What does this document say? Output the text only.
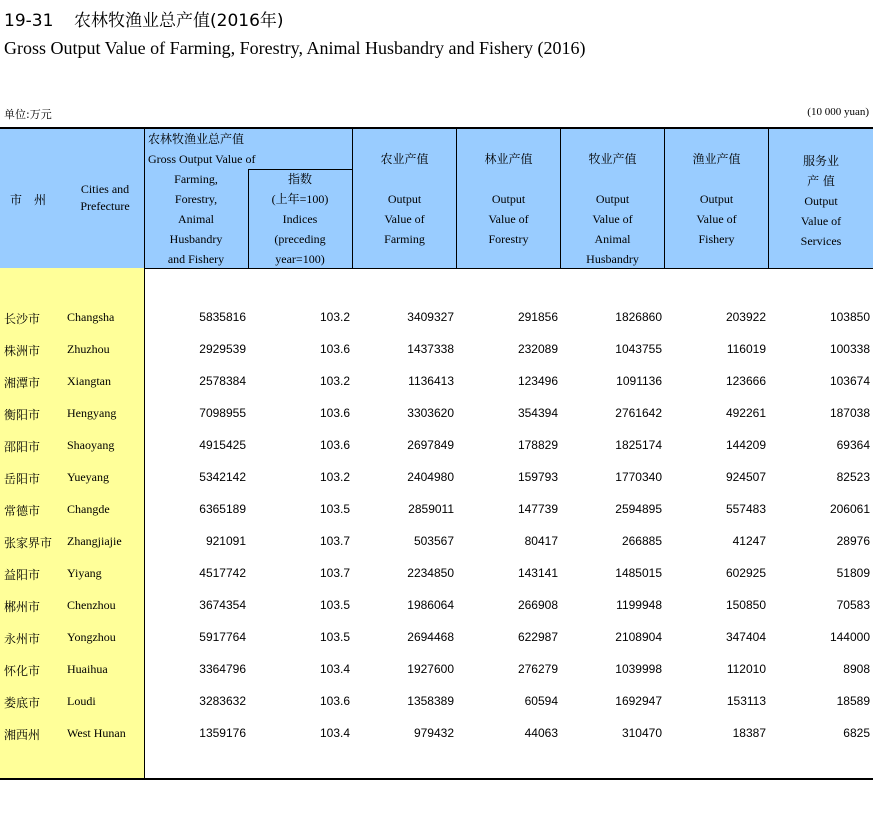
19-31 农林牧渔业总产值(2016年)
Gross Output Value of Farming, Forestry, Animal Husbandry and Fishery (2016)
单位:万元	(10 000 yuan)
市　州
Cities and
Prefecture
农林牧渔业总产值
Gross Output Value of
Farming,
Forestry,
Animal
Husbandry
and Fishery
指数
(上年=100)
Indices
(preceding
year=100)
农业产值
Output
Value of
Farming
林业产值
Output
Value of
Forestry
牧业产值
Output
Value of
Animal
Husbandry
渔业产值
Output
Value of
Fishery
服务业
产 值
Output
Value of
Services
长沙市 Changsha	5835816	103.2	3409327	291856	1826860	203922	103850
株洲市 Zhuzhou	2929539	103.6	1437338	232089	1043755	116019	100338
湘潭市 Xiangtan	2578384	103.2	1136413	123496	1091136	123666	103674
衡阳市 Hengyang	7098955	103.6	3303620	354394	2761642	492261	187038
邵阳市 Shaoyang	4915425	103.6	2697849	178829	1825174	144209	69364
岳阳市 Yueyang	5342142	103.2	2404980	159793	1770340	924507	82523
常德市 Changde	6365189	103.5	2859011	147739	2594895	557483	206061
张家界市 Zhangjiajie	921091	103.7	503567	80417	266885	41247	28976
益阳市 Yiyang	4517742	103.7	2234850	143141	1485015	602925	51809
郴州市 Chenzhou	3674354	103.5	1986064	266908	1199948	150850	70583
永州市 Yongzhou	5917764	103.5	2694468	622987	2108904	347404	144000
怀化市 Huaihua	3364796	103.4	1927600	276279	1039998	112010	8908
娄底市 Loudi	3283632	103.6	1358389	60594	1692947	153113	18589
湘西州 West Hunan	1359176	103.4	979432	44063	310470	18387	6825
